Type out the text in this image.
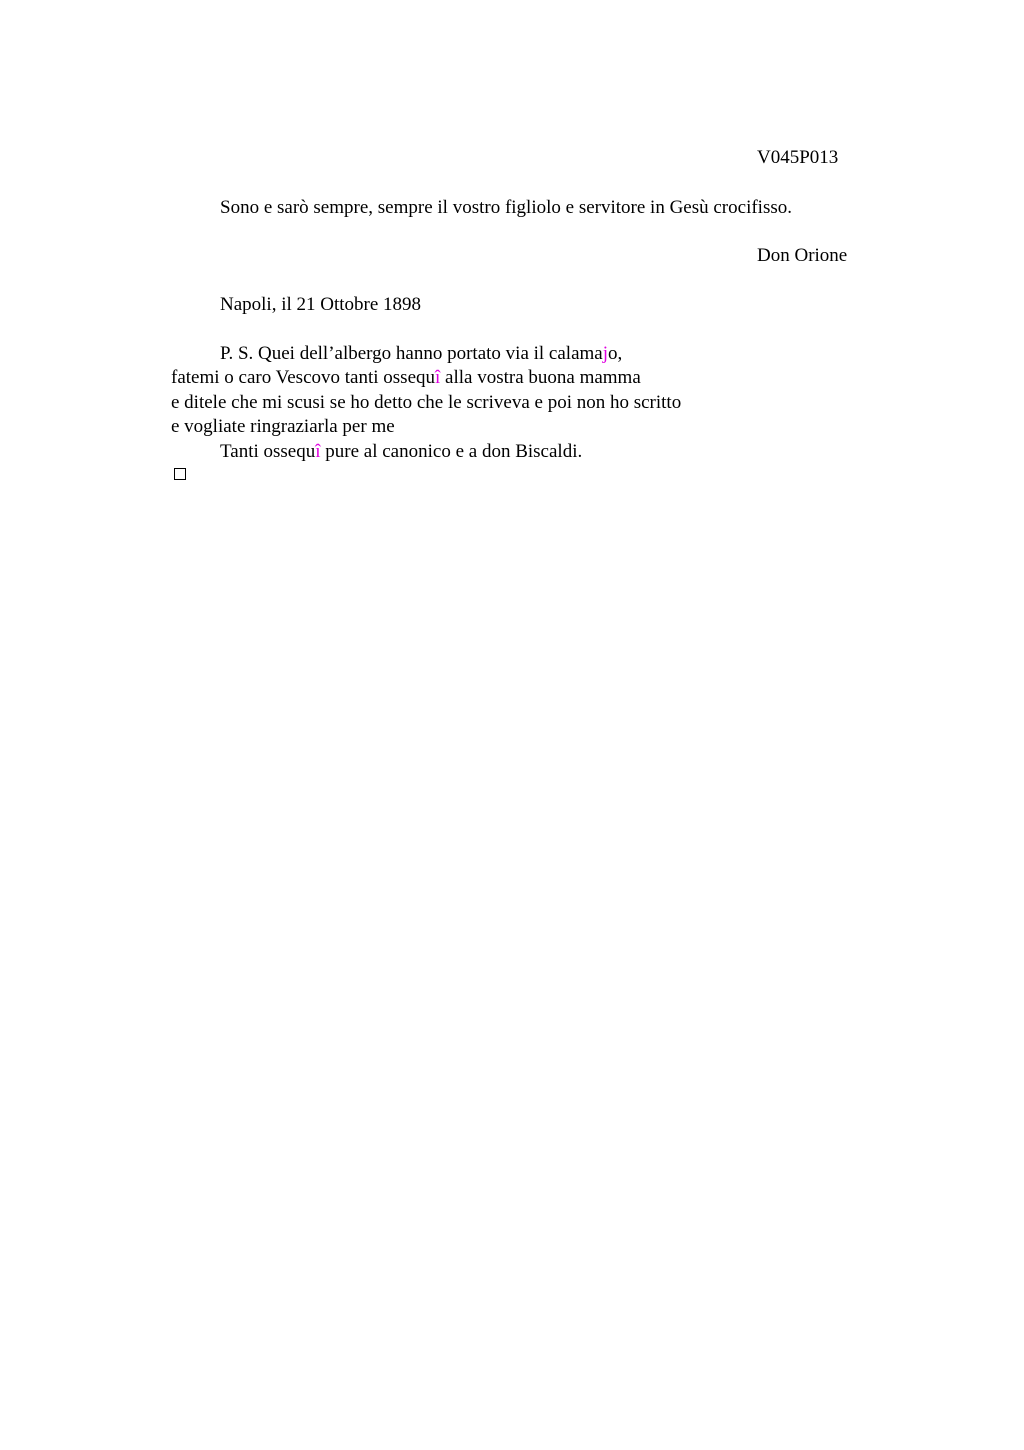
V045P013
Sono e sarò sempre, sempre il vostro figliolo e servitore in Gesù crocifisso.
Don Orione
Napoli, il 21 Ottobre 1898
P. S. Quei dell’albergo hanno portato via il calamajo,
fatemi o caro Vescovo tanti ossequî alla vostra buona mamma
e ditele che mi scusi se ho detto che le scriveva e poi non ho scritto
e vogliate ringraziarla per me
Tanti ossequî pure al canonico e a don Biscaldi.
